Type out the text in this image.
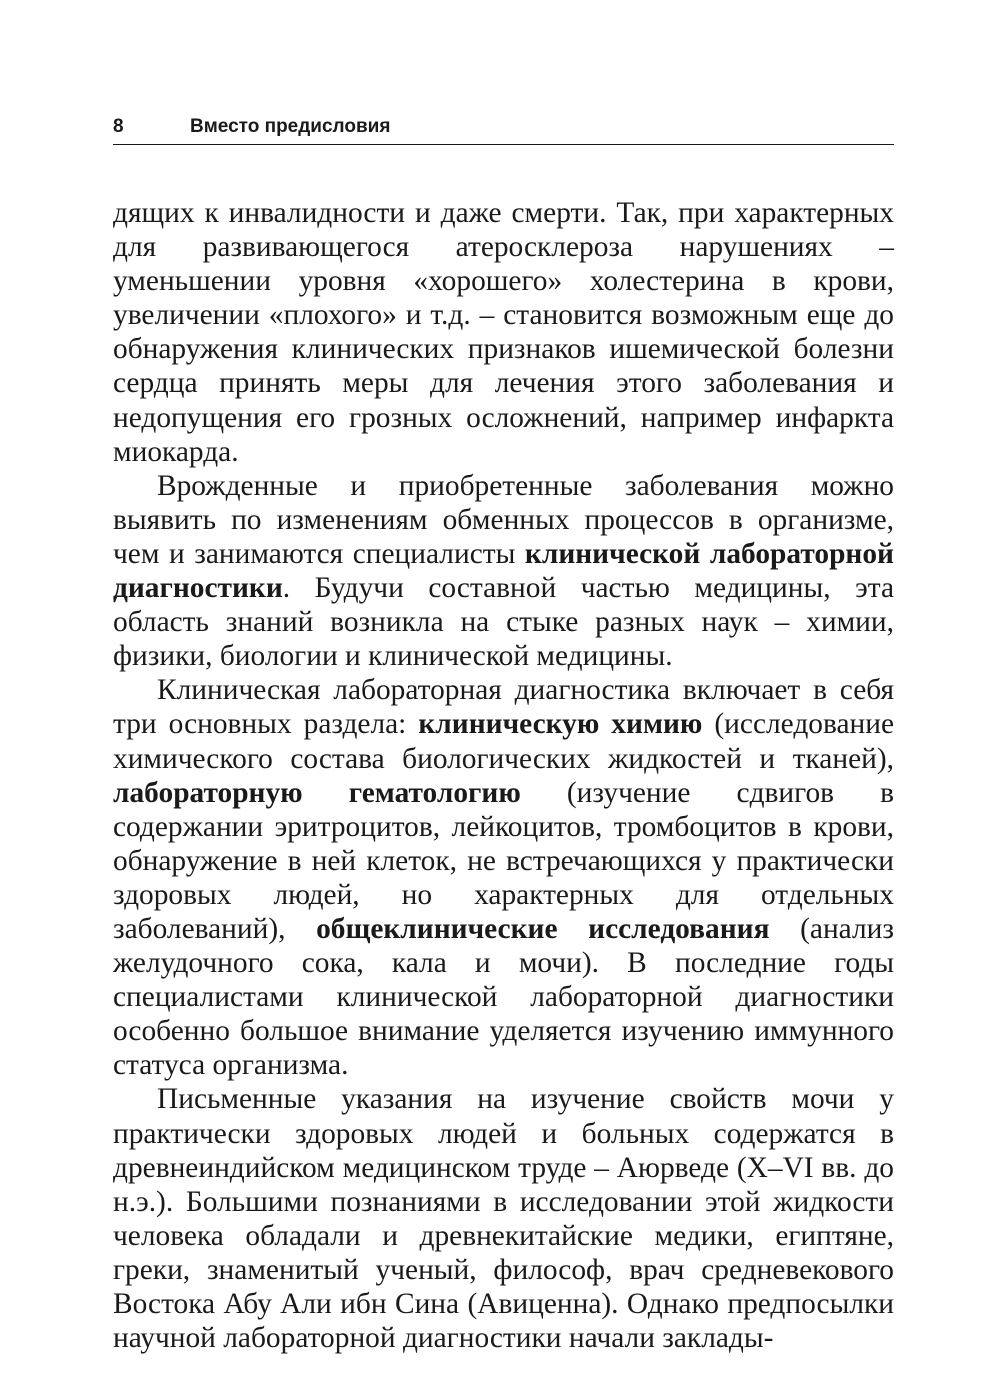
8	Вместо предисловия

дящих к инвалидности и даже смерти. Так, при характерных для развивающегося атеросклероза нарушениях – уменьшении уровня «хорошего» холестерина в крови, увеличении «плохого» и т.д. – становится возможным еще до обнаружения клинических признаков ишемической болезни сердца принять меры для лечения этого заболевания и недопущения его грозных осложнений, например инфаркта миокарда.

Врожденные и приобретенные заболевания можно выявить по изменениям обменных процессов в организме, чем и занимаются специалисты клинической лабораторной диагностики. Будучи составной частью медицины, эта область знаний возникла на стыке разных наук – химии, физики, биологии и клинической медицины.

Клиническая лабораторная диагностика включает в себя три основных раздела: клиническую химию (исследование химического состава биологических жидкостей и тканей), лабораторную гематологию (изучение сдвигов в содержании эритроцитов, лейкоцитов, тромбоцитов в крови, обнаружение в ней клеток, не встречающихся у практически здоровых людей, но характерных для отдельных заболеваний), общеклинические исследования (анализ желудочного сока, кала и мочи). В последние годы специалистами клинической лабораторной диагностики особенно большое внимание уделяется изучению иммунного статуса организма.

Письменные указания на изучение свойств мочи у практически здоровых людей и больных содержатся в древнеиндийском медицинском труде – Аюрведе (X–VI вв. до н.э.). Большими познаниями в исследовании этой жидкости человека обладали и древнекитайские медики, египтяне, греки, знаменитый ученый, философ, врач средневекового Востока Абу Али ибн Сина (Авиценна). Однако предпосылки научной лабораторной диагностики начали заклады-
